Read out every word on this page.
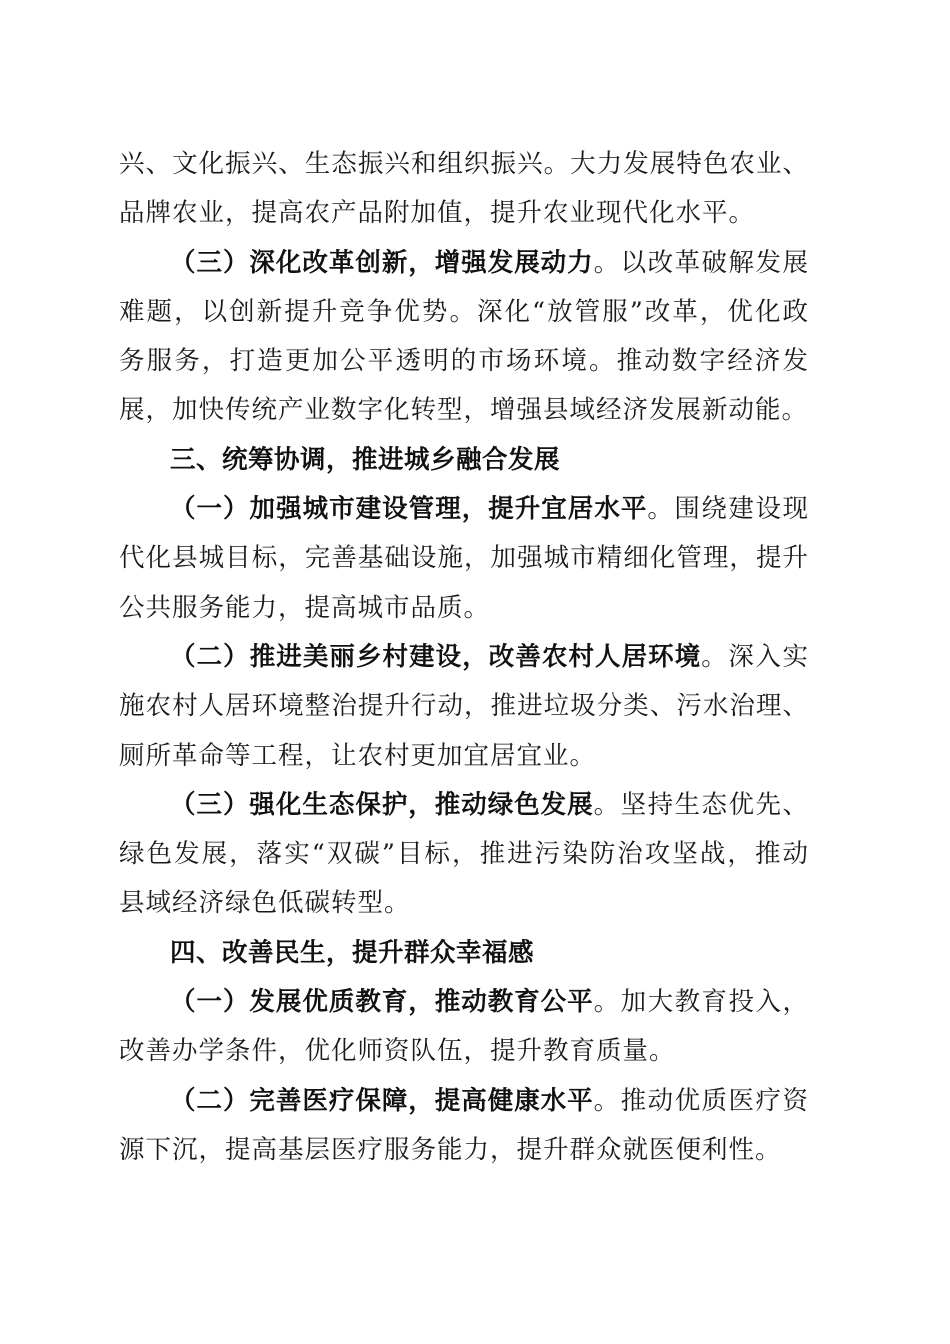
兴、文化振兴、生态振兴和组织振兴。大力发展特色农业、品牌农业，提高农产品附加值，提升农业现代化水平。

（三）深化改革创新，增强发展动力。以改革破解发展难题，以创新提升竞争优势。深化“放管服”改革，优化政务服务，打造更加公平透明的市场环境。推动数字经济发展，加快传统产业数字化转型，增强县域经济发展新动能。

三、统筹协调，推进城乡融合发展

（一）加强城市建设管理，提升宜居水平。围绕建设现代化县城目标，完善基础设施，加强城市精细化管理，提升公共服务能力，提高城市品质。

（二）推进美丽乡村建设，改善农村人居环境。深入实施农村人居环境整治提升行动，推进垃圾分类、污水治理、厕所革命等工程，让农村更加宜居宜业。

（三）强化生态保护，推动绿色发展。坚持生态优先、绿色发展，落实“双碳”目标，推进污染防治攻坚战，推动县域经济绿色低碳转型。

四、改善民生，提升群众幸福感

（一）发展优质教育，推动教育公平。加大教育投入，改善办学条件，优化师资队伍，提升教育质量。

（二）完善医疗保障，提高健康水平。推动优质医疗资源下沉，提高基层医疗服务能力，提升群众就医便利性。
